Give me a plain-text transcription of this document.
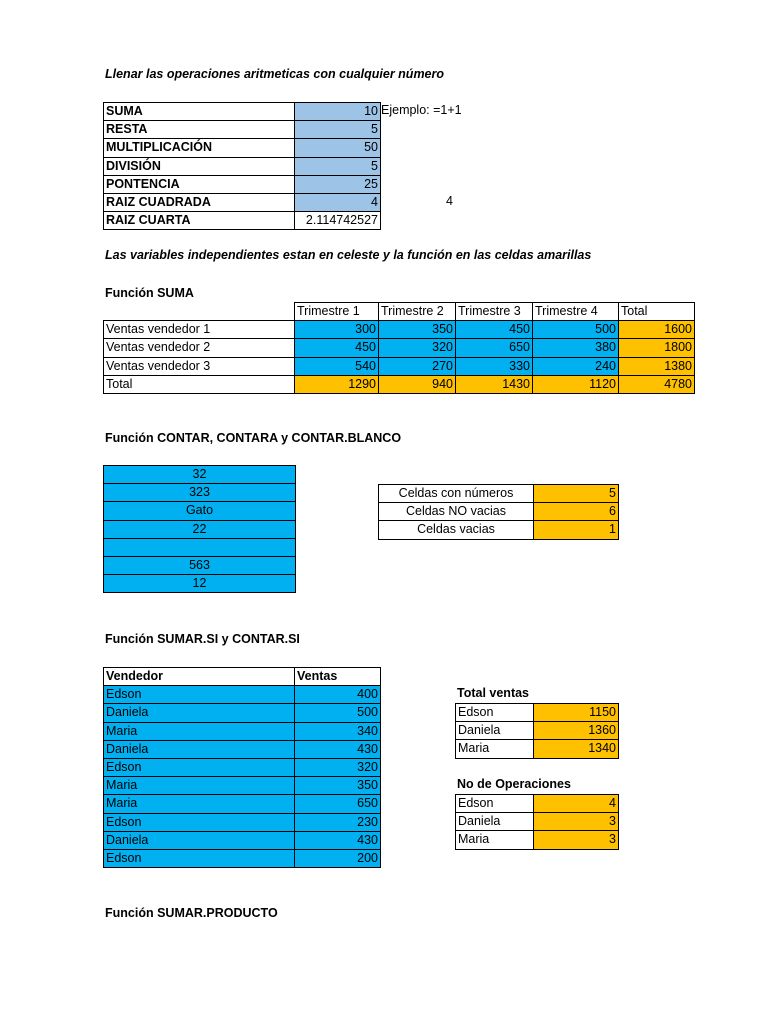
Llenar las operaciones aritmeticas con cualquier número
SUMA	10
RESTA	5
MULTIPLICACIÓN	50
DIVISIÓN	5
PONTENCIA	25
RAIZ CUADRADA	4
RAIZ CUARTA	2.114742527
Ejemplo: =1+1
4
Las variables independientes estan en celeste y la función en las celdas amarillas
Función SUMA
	Trimestre 1	Trimestre 2	Trimestre 3	Trimestre 4	Total
Ventas vendedor 1	300	350	450	500	1600
Ventas vendedor 2	450	320	650	380	1800
Ventas vendedor 3	540	270	330	240	1380
Total	1290	940	1430	1120	4780
Función CONTAR, CONTARA y CONTAR.BLANCO
32
323
Gato
22

563
12
Celdas con números	5
Celdas NO vacias	6
Celdas vacias	1
Función SUMAR.SI y CONTAR.SI
Vendedor	Ventas
Edson	400
Daniela	500
Maria	340
Daniela	430
Edson	320
Maria	350
Maria	650
Edson	230
Daniela	430
Edson	200
Total ventas
Edson	1150
Daniela	1360
Maria	1340
No de Operaciones
Edson	4
Daniela	3
Maria	3
Función SUMAR.PRODUCTO
